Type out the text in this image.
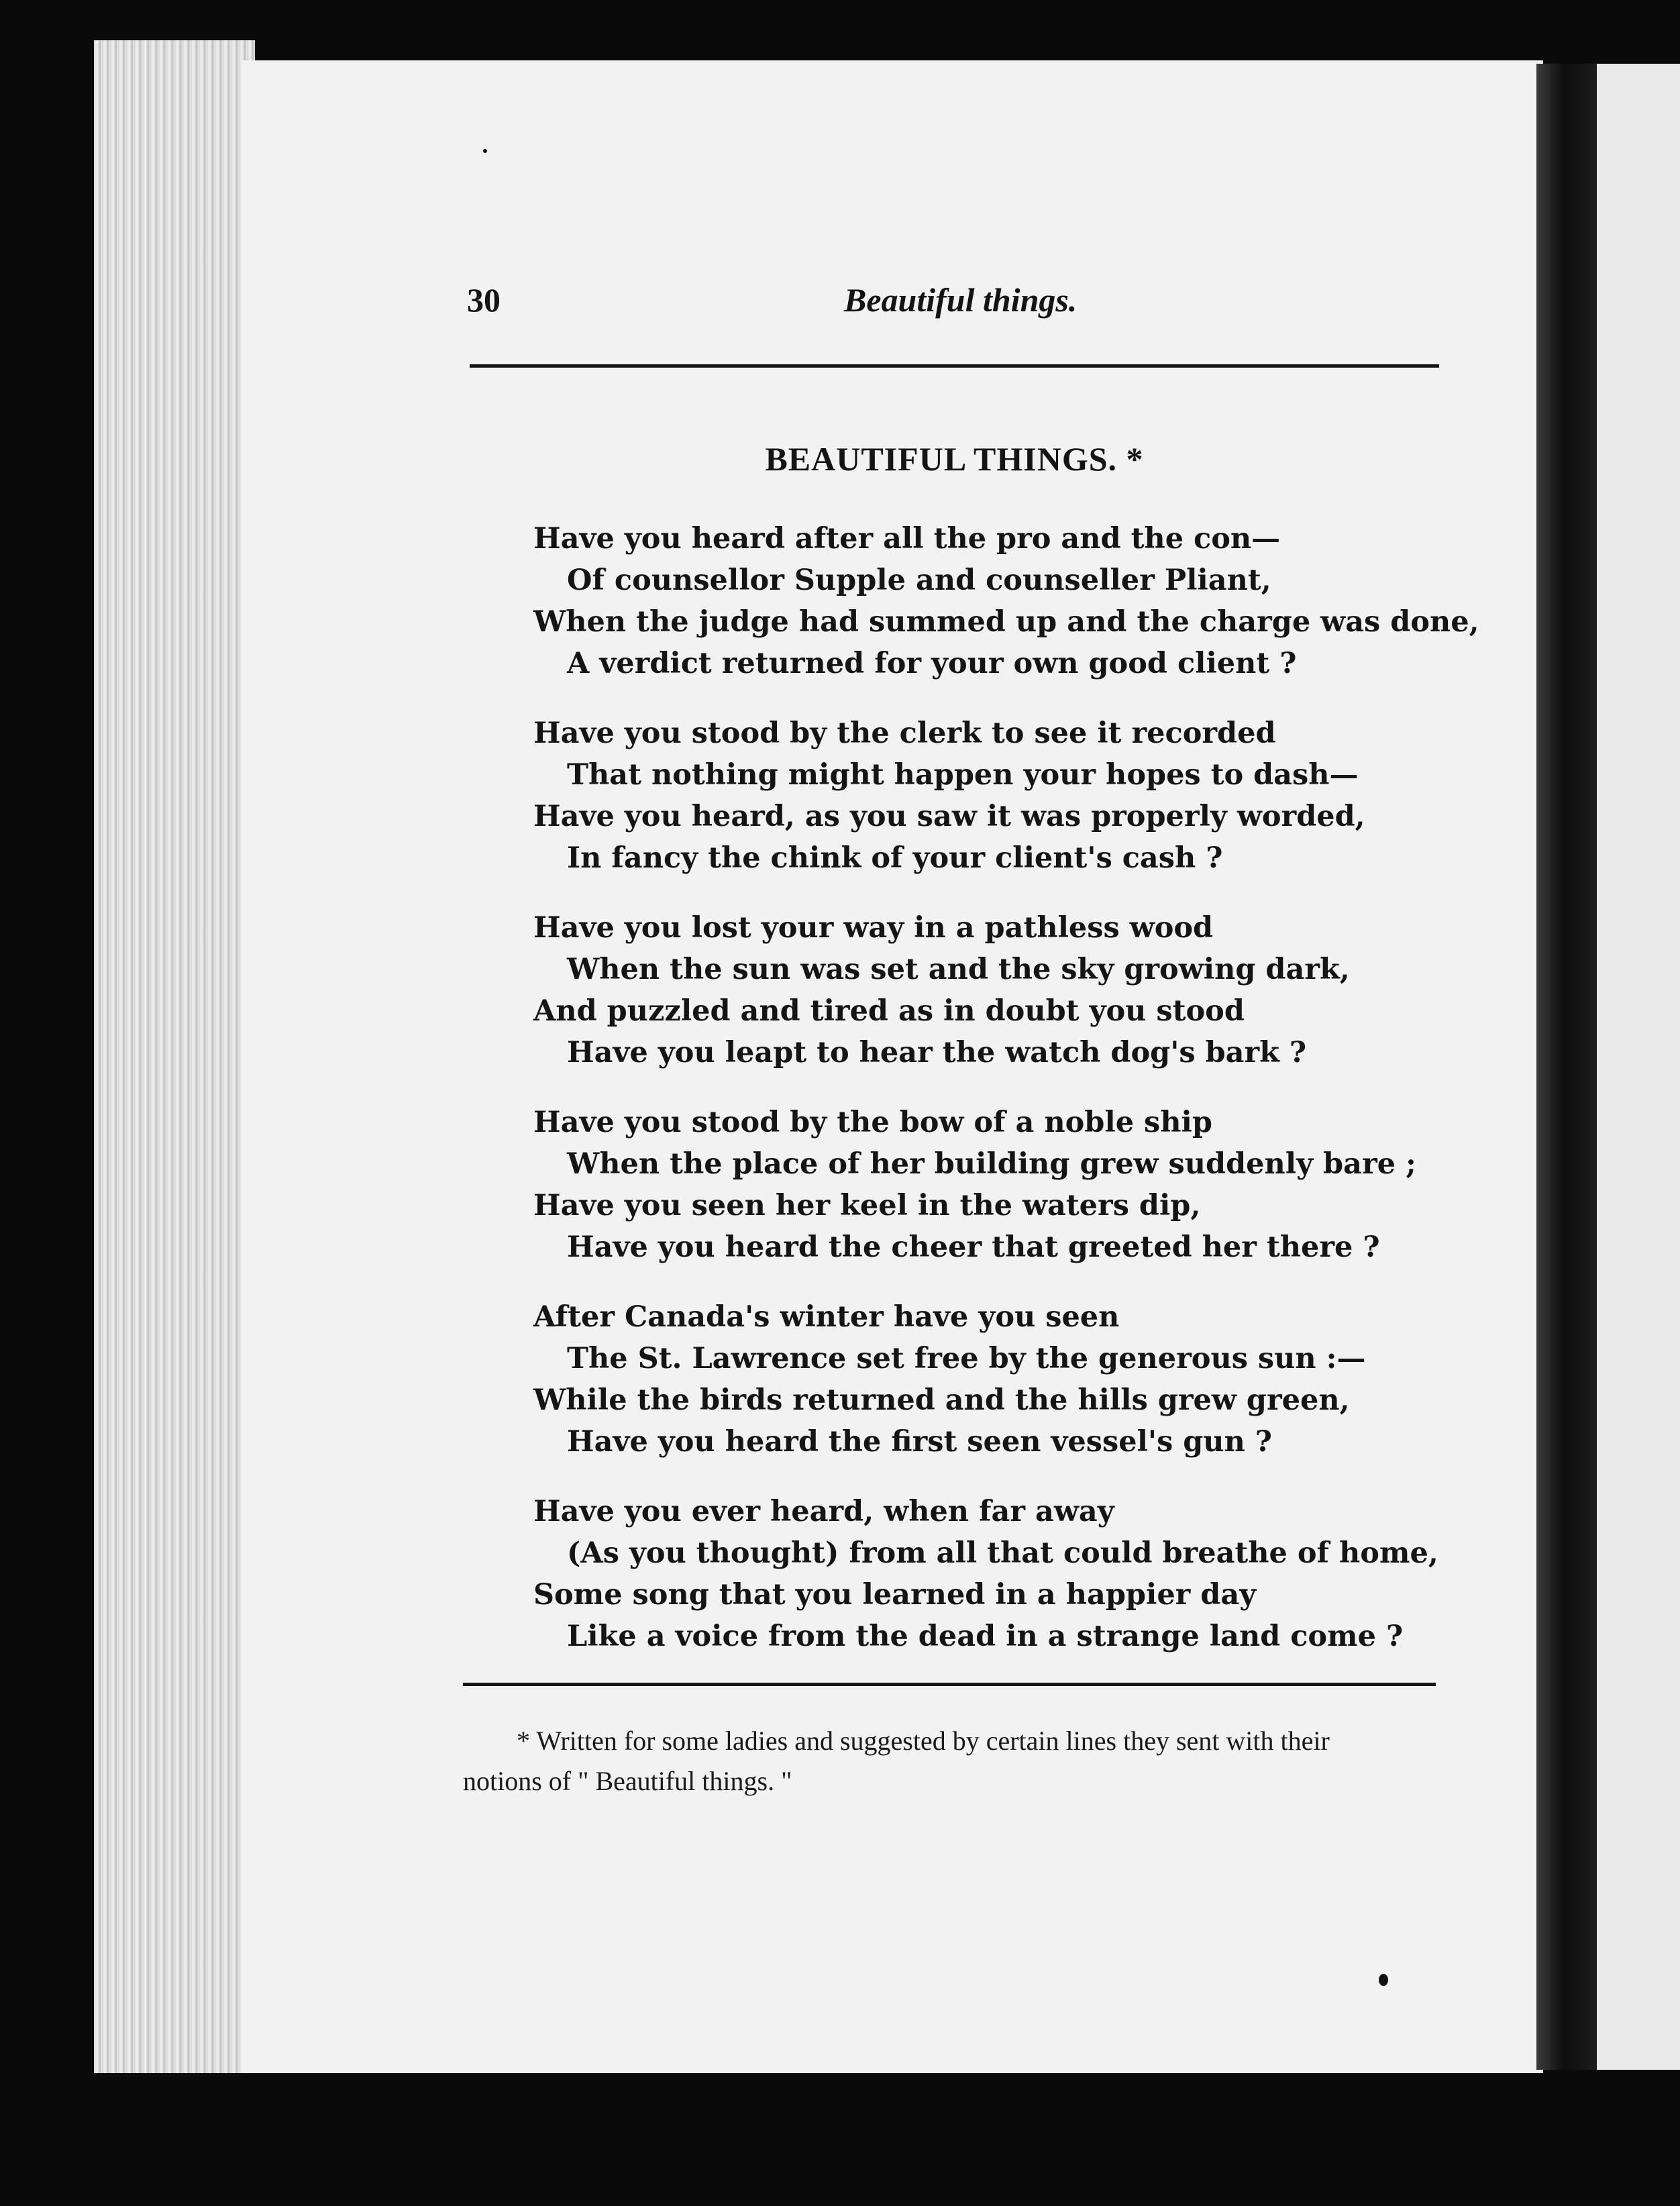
30	Beautiful things.
BEAUTIFUL THINGS. *
Have you heard after all the pro and the con—
Of counsellor Supple and counseller Pliant,
When the judge had summed up and the charge was done,
A verdict returned for your own good client ?
Have you stood by the clerk to see it recorded
That nothing might happen your hopes to dash—
Have you heard, as you saw it was properly worded,
In fancy the chink of your client's cash ?
Have you lost your way in a pathless wood
When the sun was set and the sky growing dark,
And puzzled and tired as in doubt you stood
Have you leapt to hear the watch dog's bark ?
Have you stood by the bow of a noble ship
When the place of her building grew suddenly bare ;
Have you seen her keel in the waters dip,
Have you heard the cheer that greeted her there ?
After Canada's winter have you seen
The St. Lawrence set free by the generous sun :—
While the birds returned and the hills grew green,
Have you heard the first seen vessel's gun ?
Have you ever heard, when far away
(As you thought) from all that could breathe of home,
Some song that you learned in a happier day
Like a voice from the dead in a strange land come ?
* Written for some ladies and suggested by certain lines they sent with their
notions of " Beautiful things. "
